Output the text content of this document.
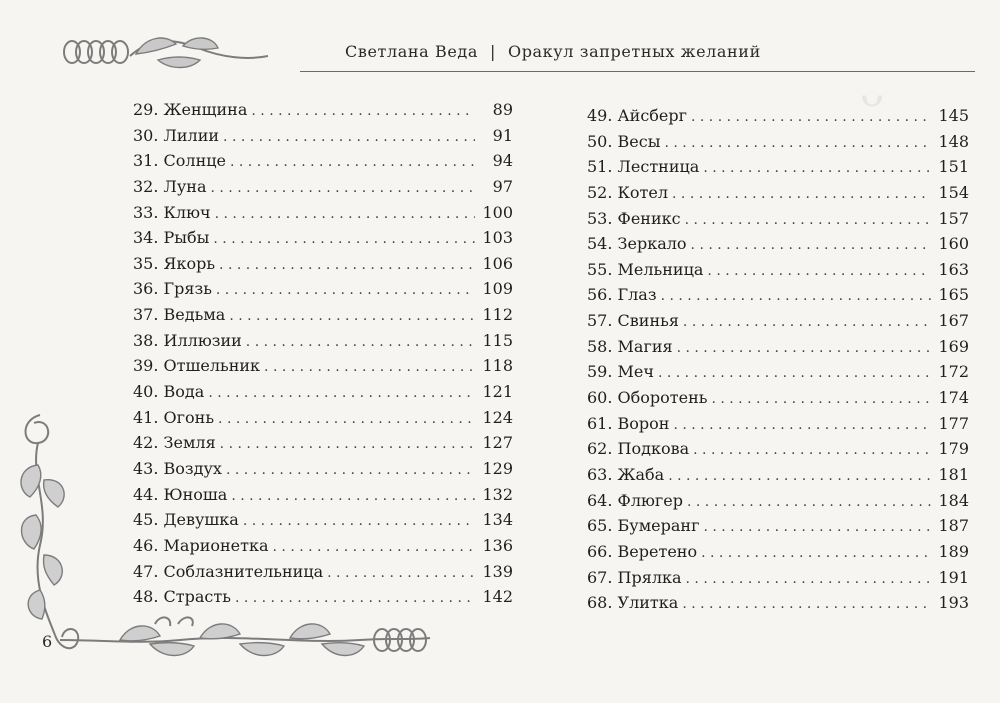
Светлана Веда | Оракул запретных желаний
ᴗ
29. Женщина . . .	89
30. Лилии . . .	91
31. Солнце . . .	94
32. Луна . . .	97
33. Ключ . . .	100
34. Рыбы . . .	103
35. Якорь . . .	106
36. Грязь . . .	109
37. Ведьма . . .	112
38. Иллюзии . . .	115
39. Отшельник . . .	118
40. Вода . . .	121
41. Огонь . . .	124
42. Земля . . .	127
43. Воздух . . .	129
44. Юноша . . .	132
45. Девушка . . .	134
46. Марионетка . . .	136
47. Соблазнительница . . .	139
48. Страсть . . .	142
49. Айсберг . . .	145
50. Весы . . .	148
51. Лестница . . .	151
52. Котел . . .	154
53. Феникс . . .	157
54. Зеркало . . .	160
55. Мельница . . .	163
56. Глаз . . .	165
57. Свинья . . .	167
58. Магия . . .	169
59. Меч . . .	172
60. Оборотень . . .	174
61. Ворон . . .	177
62. Подкова . . .	179
63. Жаба . . .	181
64. Флюгер . . .	184
65. Бумеранг . . .	187
66. Веретено . . .	189
67. Прялка . . .	191
68. Улитка . . .	193
6
